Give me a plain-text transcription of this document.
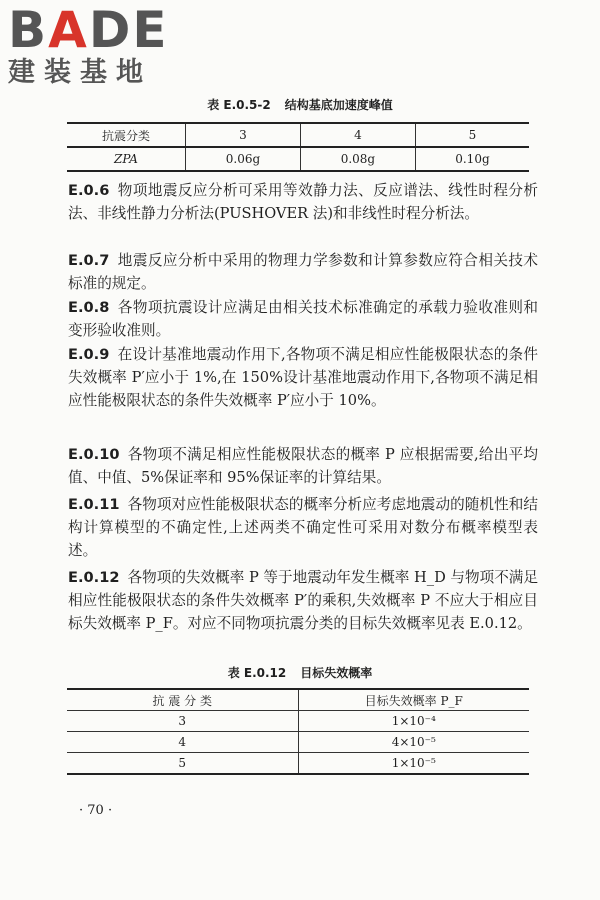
BADE
建装基地
表 E.0.5-2 结构基底加速度峰值
抗震分类	3	4	5
ZPA	0.06g	0.08g	0.10g
E.0.6 物项地震反应分析可采用等效静力法、反应谱法、线性时程分析法、非线性静力分析法(PUSHOVER 法)和非线性时程分析法。
E.0.7 地震反应分析中采用的物理力学参数和计算参数应符合相关技术标准的规定。
E.0.8 各物项抗震设计应满足由相关技术标准确定的承载力验收准则和变形验收准则。
E.0.9 在设计基准地震动作用下,各物项不满足相应性能极限状态的条件失效概率 P′应小于 1%,在 150%设计基准地震动作用下,各物项不满足相应性能极限状态的条件失效概率 P′应小于 10%。
E.0.10 各物项不满足相应性能极限状态的概率 P 应根据需要,给出平均值、中值、5%保证率和 95%保证率的计算结果。
E.0.11 各物项对应性能极限状态的概率分析应考虑地震动的随机性和结构计算模型的不确定性,上述两类不确定性可采用对数分布概率模型表述。
E.0.12 各物项的失效概率 P 等于地震动年发生概率 H_D 与物项不满足相应性能极限状态的条件失效概率 P′的乘积,失效概率 P 不应大于相应目标失效概率 P_F。对应不同物项抗震分类的目标失效概率见表 E.0.12。
表 E.0.12 目标失效概率
抗 震 分 类	目标失效概率 P_F
3	1×10⁻⁴
4	4×10⁻⁵
5	1×10⁻⁵
· 70 ·
